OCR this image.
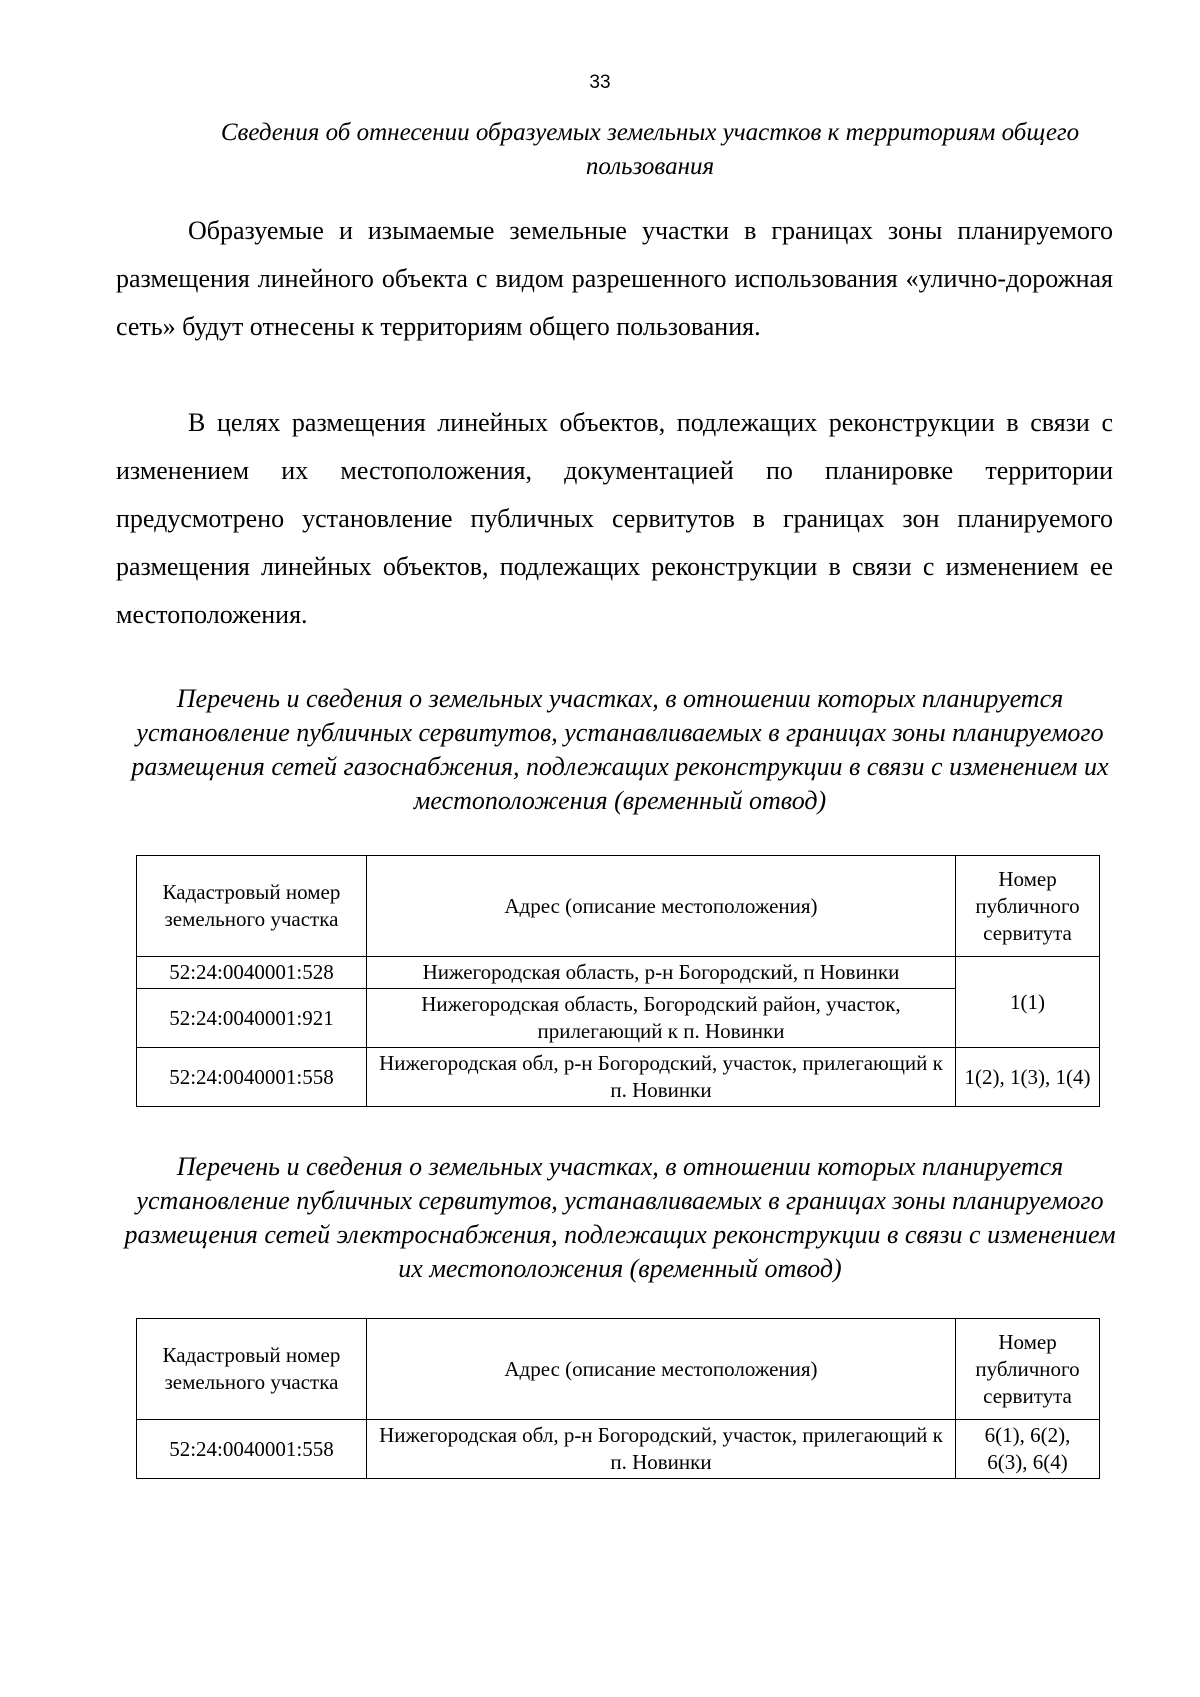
33
Сведения об отнесении образуемых земельных участков к территориям общего пользования
Образуемые и изымаемые земельные участки в границах зоны планируемого размещения линейного объекта с видом разрешенного использования «улично-дорожная сеть» будут отнесены к территориям общего пользования.
В целях размещения линейных объектов, подлежащих реконструкции в связи с изменением их местоположения, документацией по планировке территории предусмотрено установление публичных сервитутов в границах зон планируемого размещения линейных объектов, подлежащих реконструкции в связи с изменением ее местоположения.
Перечень и сведения о земельных участках, в отношении которых планируется установление публичных сервитутов, устанавливаемых в границах зоны планируемого размещения сетей газоснабжения, подлежащих реконструкции в связи с изменением их местоположения (временный отвод)
Кадастровый номер земельного участка	Адрес (описание местоположения)	Номер публичного сервитута
52:24:0040001:528	Нижегородская область, р-н Богородский, п Новинки	1(1)
52:24:0040001:921	Нижегородская область, Богородский район, участок, прилегающий к п. Новинки	
52:24:0040001:558	Нижегородская обл, р-н Богородский, участок, прилегающий к п. Новинки	1(2), 1(3), 1(4)
Перечень и сведения о земельных участках, в отношении которых планируется установление публичных сервитутов, устанавливаемых в границах зоны планируемого размещения сетей электроснабжения, подлежащих реконструкции в связи с изменением их местоположения (временный отвод)
Кадастровый номер земельного участка	Адрес (описание местоположения)	Номер публичного сервитута
52:24:0040001:558	Нижегородская обл, р-н Богородский, участок, прилегающий к п. Новинки	6(1), 6(2), 6(3), 6(4)
